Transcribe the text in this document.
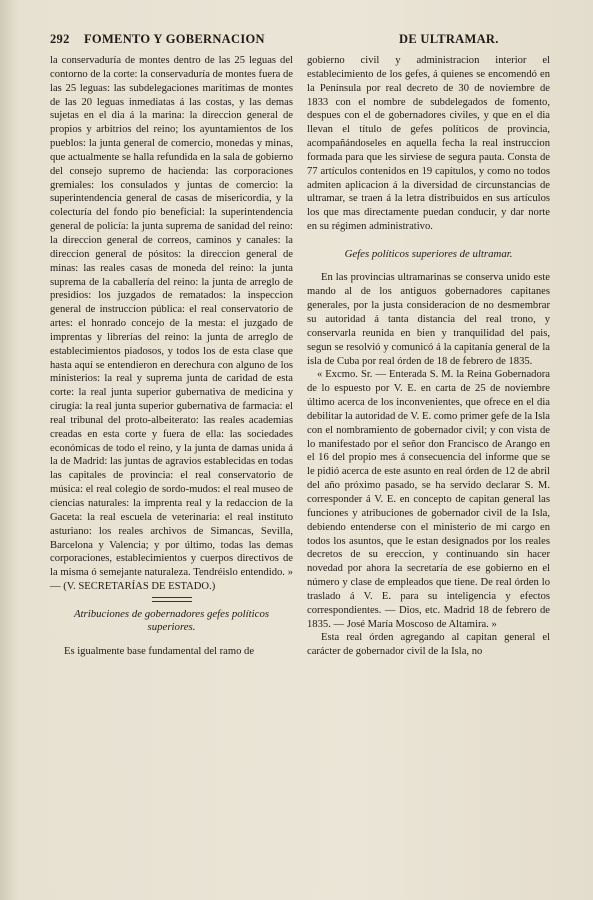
292	FOMENTO Y GOBERNACION	DE ULTRAMAR.

la conservaduría de montes dentro de las 25 leguas del contorno de la corte: la conservaduría de montes fuera de las 25 leguas: las subdelegaciones marítimas de montes de las 20 leguas inmediatas á las costas, y las demas sujetas en el dia á la marina: la direccion general de propios y arbitrios del reino; los ayuntamientos de los pueblos: la junta general de comercio, monedas y minas, que actualmente se halla refundida en la sala de gobierno del consejo supremo de hacienda: las corporaciones gremiales: los consulados y juntas de comercio: la superintendencia general de casas de misericordia, y la colecturía del fondo pio beneficial: la superintendencia general de policía: la junta suprema de sanidad del reino: la direccion general de correos, caminos y canales: la direccion general de pósitos: la direccion general de minas: las reales casas de moneda del reino: la junta suprema de la caballería del reino: la junta de arreglo de presidios: los juzgados de rematados: la inspeccion general de instruccion pública: el real conservatorio de artes: el honrado concejo de la mesta: el juzgado de imprentas y librerías del reino: la junta de arreglo de establecimientos piadosos, y todos los de esta clase que hasta aquí se entendieron en derechura con alguno de los ministerios: la real y suprema junta de caridad de esta corte: la real junta superior gubernativa de medicina y cirugía: la real junta superior gubernativa de farmacia: el real tribunal del proto-albeiterato: las reales academias creadas en esta corte y fuera de ella: las sociedades económicas de todo el reino, y la junta de damas unida á la de Madrid: las juntas de agravios establecidas en todas las capitales de provincia: el real conservatorio de música: el real colegio de sordo-mudos: el real museo de ciencias naturales: la imprenta real y la redaccion de la Gaceta: la real escuela de veterinaria: el real instituto asturiano: los reales archivos de Simancas, Sevilla, Barcelona y Valencia; y por último, todas las demas corporaciones, establecimientos y cuerpos directivos de la misma ó semejante naturaleza. Tendréislo entendido. » — (V. SECRETARÍAS DE ESTADO.)

Atribuciones de gobernadores gefes políticos superiores.

Es igualmente base fundamental del ramo de

gobierno civil y administracion interior el establecimiento de los gefes, á quienes se encomendó en la Península por real decreto de 30 de noviembre de 1833 con el nombre de subdelegados de fomento, despues con el de gobernadores civiles, y que en el dia llevan el título de gefes políticos de provincia, acompañándoseles en aquella fecha la real instruccion formada para que les sirviese de segura pauta. Consta de 77 artículos contenidos en 19 capítulos, y como no todos admiten aplicacion á la diversidad de circunstancias de ultramar, se traen á la letra distribuidos en sus artículos los que mas directamente puedan conducir, y dar norte en su régimen administrativo.

Gefes políticos superiores de ultramar.

En las provincias ultramarinas se conserva unido este mando al de los antiguos gobernadores capitanes generales, por la justa consideracion de no desmembrar su autoridad á tanta distancia del real trono, y conservarla reunida en bien y tranquilidad del pais, segun se resolvió y comunicó á la capitanía general de la isla de Cuba por real órden de 18 de febrero de 1835.

« Excmo. Sr. — Enterada S. M. la Reina Gobernadora de lo espuesto por V. E. en carta de 25 de noviembre último acerca de los inconvenientes, que ofrece en el dia debilitar la autoridad de V. E. como primer gefe de la Isla con el nombramiento de gobernador civil; y con vista de lo manifestado por el señor don Francisco de Arango en el 16 del propio mes á consecuencia del informe que se le pidió acerca de este asunto en real órden de 12 de abril del año próximo pasado, se ha servido declarar S. M. corresponder á V. E. en concepto de capitan general las funciones y atribuciones de gobernador civil de la Isla, debiendo entenderse con el ministerio de mi cargo en todos los asuntos, que le estan designados por los reales decretos de su ereccion, y continuando sin hacer novedad por ahora la secretaría de ese gobierno en el número y clase de empleados que tiene. De real órden lo traslado á V. E. para su inteligencia y efectos correspondientes. — Dios, etc. Madrid 18 de febrero de 1835. — José María Moscoso de Altamira. »

Esta real órden agregando al capitan general el carácter de gobernador civil de la Isla, no
